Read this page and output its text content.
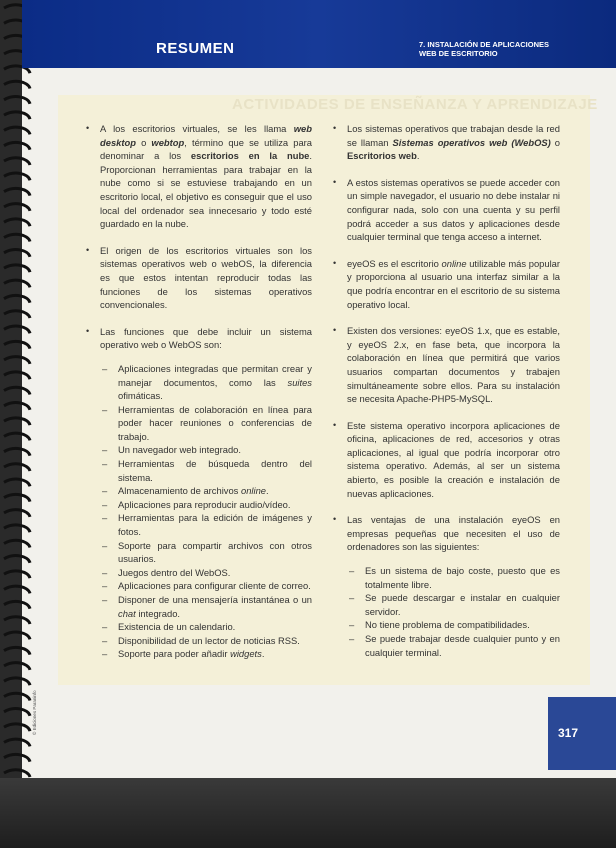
RESUMEN	7. INSTALACIÓN DE APLICACIONES
WEB DE ESCRITORIO
ACTIVIDADES DE ENSEÑANZA Y APRENDIZAJE
• A los escritorios virtuales, se les llama web desktop o webtop, término que se utiliza para denominar a los escritorios en la nube. Proporcionan herramientas para trabajar en la nube como si se estuviese trabajando en un escritorio local, el objetivo es conseguir que el uso local del ordenador sea innecesario y todo esté guardado en la nube.
• El origen de los escritorios virtuales son los sistemas operativos web o webOS, la diferencia es que estos intentan reproducir todas las funciones de los sistemas operativos convencionales.
• Las funciones que debe incluir un sistema operativo web o WebOS son:
– Aplicaciones integradas que permitan crear y manejar documentos, como las suites ofimáticas.
– Herramientas de colaboración en línea para poder hacer reuniones o conferencias de trabajo.
– Un navegador web integrado.
– Herramientas de búsqueda dentro del sistema.
– Almacenamiento de archivos online.
– Aplicaciones para reproducir audio/vídeo.
– Herramientas para la edición de imágenes y fotos.
– Soporte para compartir archivos con otros usuarios.
– Juegos dentro del WebOS.
– Aplicaciones para configurar cliente de correo.
– Disponer de una mensajería instantánea o un chat integrado.
– Existencia de un calendario.
– Disponibilidad de un lector de noticias RSS.
– Soporte para poder añadir widgets.
• Los sistemas operativos que trabajan desde la red se llaman Sistemas operativos web (WebOS) o Escritorios web.
• A estos sistemas operativos se puede acceder con un simple navegador, el usuario no debe instalar ni configurar nada, solo con una cuenta y su perfil podrá acceder a sus datos y aplicaciones desde cualquier terminal que tenga acceso a internet.
• eyeOS es el escritorio online utilizable más popular y proporciona al usuario una interfaz similar a la que podría encontrar en el escritorio de su sistema operativo local.
• Existen dos versiones: eyeOS 1.x, que es estable, y eyeOS 2.x, en fase beta, que incorpora la colaboración en línea que permitirá que varios usuarios compartan documentos y trabajen simultáneamente sobre ellos. Para su instalación se necesita Apache-PHP5-MySQL.
• Este sistema operativo incorpora aplicaciones de oficina, aplicaciones de red, accesorios y otras aplicaciones, al igual que podría incorporar otro sistema operativo. Además, al ser un sistema abierto, es posible la creación e instalación de nuevas aplicaciones.
• Las ventajas de una instalación eyeOS en empresas pequeñas que necesiten el uso de ordenadores son las siguientes:
– Es un sistema de bajo coste, puesto que es totalmente libre.
– Se puede descargar e instalar en cualquier servidor.
– No tiene problema de compatibilidades.
– Se puede trabajar desde cualquier punto y en cualquier terminal.
317
© Ediciones Paraninfo
